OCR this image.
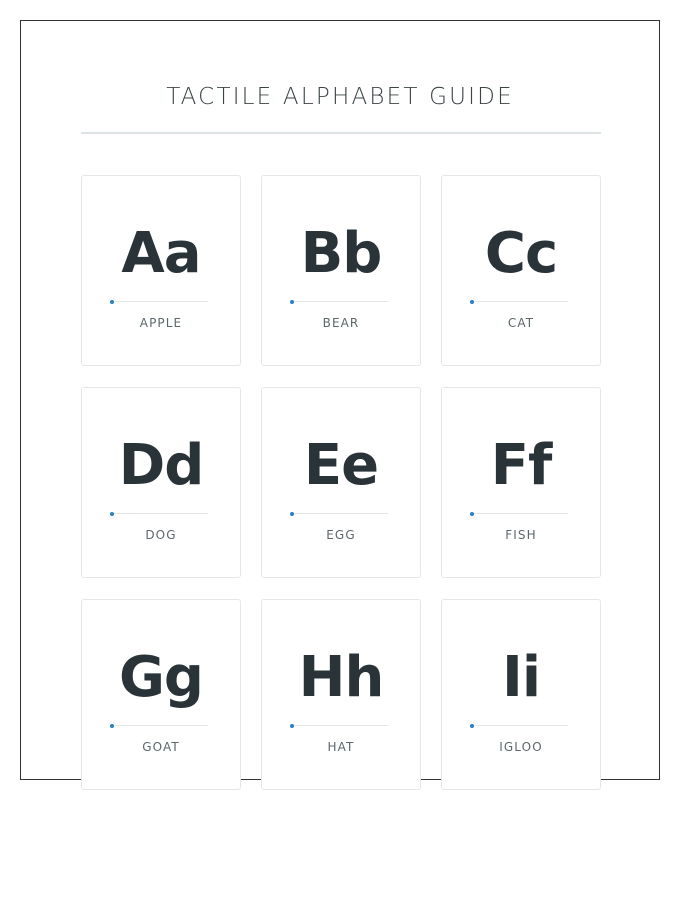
TACTILE ALPHABET GUIDE
Aa
APPLE
Bb
BEAR
Cc
CAT
Dd
DOG
Ee
EGG
Ff
FISH
Gg
GOAT
Hh
HAT
Ii
IGLOO
